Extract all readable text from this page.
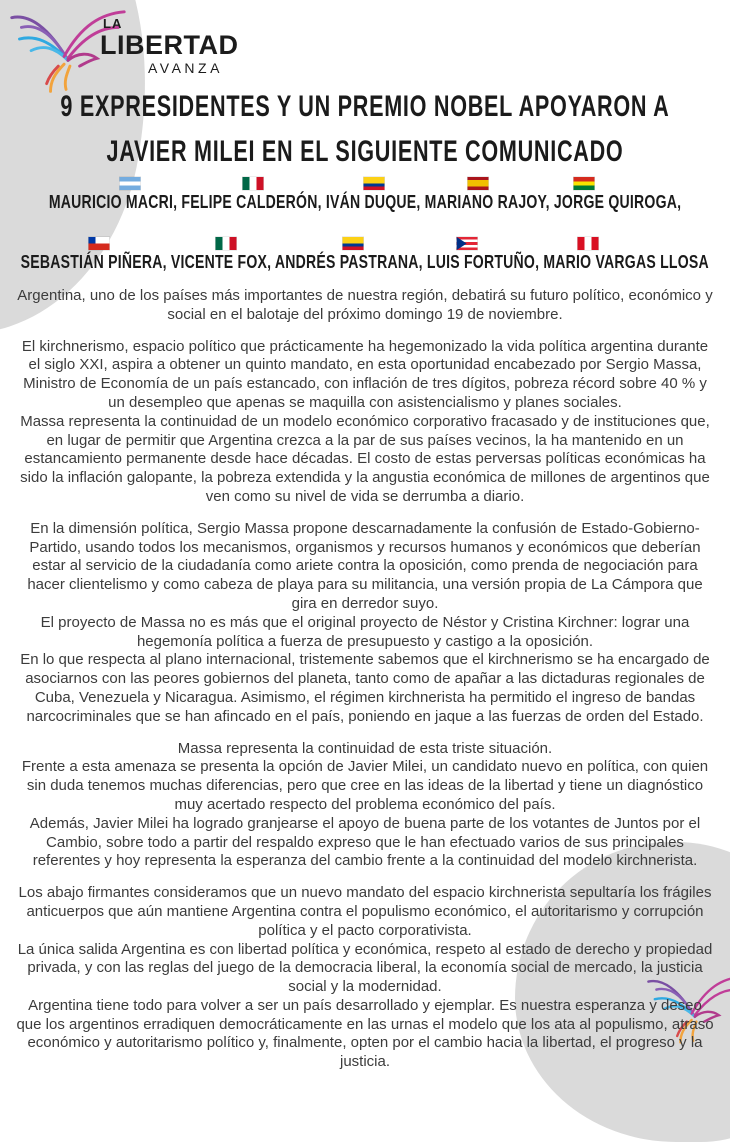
LA
LIBERTAD
AVANZA
9 EXPRESIDENTES Y UN PREMIO NOBEL APOYARON A
JAVIER MILEI EN EL SIGUIENTE COMUNICADO
MAURICIO MACRI, FELIPE CALDERÓN, IVÁN DUQUE, MARIANO RAJOY, JORGE QUIROGA,
SEBASTIÁN PIÑERA, VICENTE FOX, ANDRÉS PASTRANA, LUIS FORTUÑO, MARIO VARGAS LLOSA

Argentina, uno de los países más importantes de nuestra región, debatirá su futuro político, económico y social en el balotaje del próximo domingo 19 de noviembre.

El kirchnerismo, espacio político que prácticamente ha hegemonizado la vida política argentina durante el siglo XXI, aspira a obtener un quinto mandato, en esta oportunidad encabezado por Sergio Massa, Ministro de Economía de un país estancado, con inflación de tres dígitos, pobreza récord sobre 40 % y un desempleo que apenas se maquilla con asistencialismo y planes sociales.

Massa representa la continuidad de un modelo económico corporativo fracasado y de instituciones que, en lugar de permitir que Argentina crezca a la par de sus países vecinos, la ha mantenido en un estancamiento permanente desde hace décadas. El costo de estas perversas políticas económicas ha sido la inflación galopante, la pobreza extendida y la angustia económica de millones de argentinos que ven como su nivel de vida se derrumba a diario.

En la dimensión política, Sergio Massa propone descarnadamente la confusión de Estado-Gobierno-Partido, usando todos los mecanismos, organismos y recursos humanos y económicos que deberían estar al servicio de la ciudadanía como ariete contra la oposición, como prenda de negociación para hacer clientelismo y como cabeza de playa para su militancia, una versión propia de La Cámpora que gira en derredor suyo.

El proyecto de Massa no es más que el original proyecto de Néstor y Cristina Kirchner: lograr una hegemonía política a fuerza de presupuesto y castigo a la oposición.

En lo que respecta al plano internacional, tristemente sabemos que el kirchnerismo se ha encargado de asociarnos con las peores gobiernos del planeta, tanto como de apañar a las dictaduras regionales de Cuba, Venezuela y Nicaragua. Asimismo, el régimen kirchnerista ha permitido el ingreso de bandas narcocriminales que se han afincado en el país, poniendo en jaque a las fuerzas de orden del Estado.

Massa representa la continuidad de esta triste situación.

Frente a esta amenaza se presenta la opción de Javier Milei, un candidato nuevo en política, con quien sin duda tenemos muchas diferencias, pero que cree en las ideas de la libertad y tiene un diagnóstico muy acertado respecto del problema económico del país.

Además, Javier Milei ha logrado granjearse el apoyo de buena parte de los votantes de Juntos por el Cambio, sobre todo a partir del respaldo expreso que le han efectuado varios de sus principales referentes y hoy representa la esperanza del cambio frente a la continuidad del modelo kirchnerista.

Los abajo firmantes consideramos que un nuevo mandato del espacio kirchnerista sepultaría los frágiles anticuerpos que aún mantiene Argentina contra el populismo económico, el autoritarismo y corrupción política y el pacto corporativista.

La única salida Argentina es con libertad política y económica, respeto al estado de derecho y propiedad privada, y con las reglas del juego de la democracia liberal, la economía social de mercado, la justicia social y la modernidad.

Argentina tiene todo para volver a ser un país desarrollado y ejemplar. Es nuestra esperanza y deseo que los argentinos erradiquen democráticamente en las urnas el modelo que los ata al populismo, atraso económico y autoritarismo político y, finalmente, opten por el cambio hacia la libertad, el progreso y la justicia.
